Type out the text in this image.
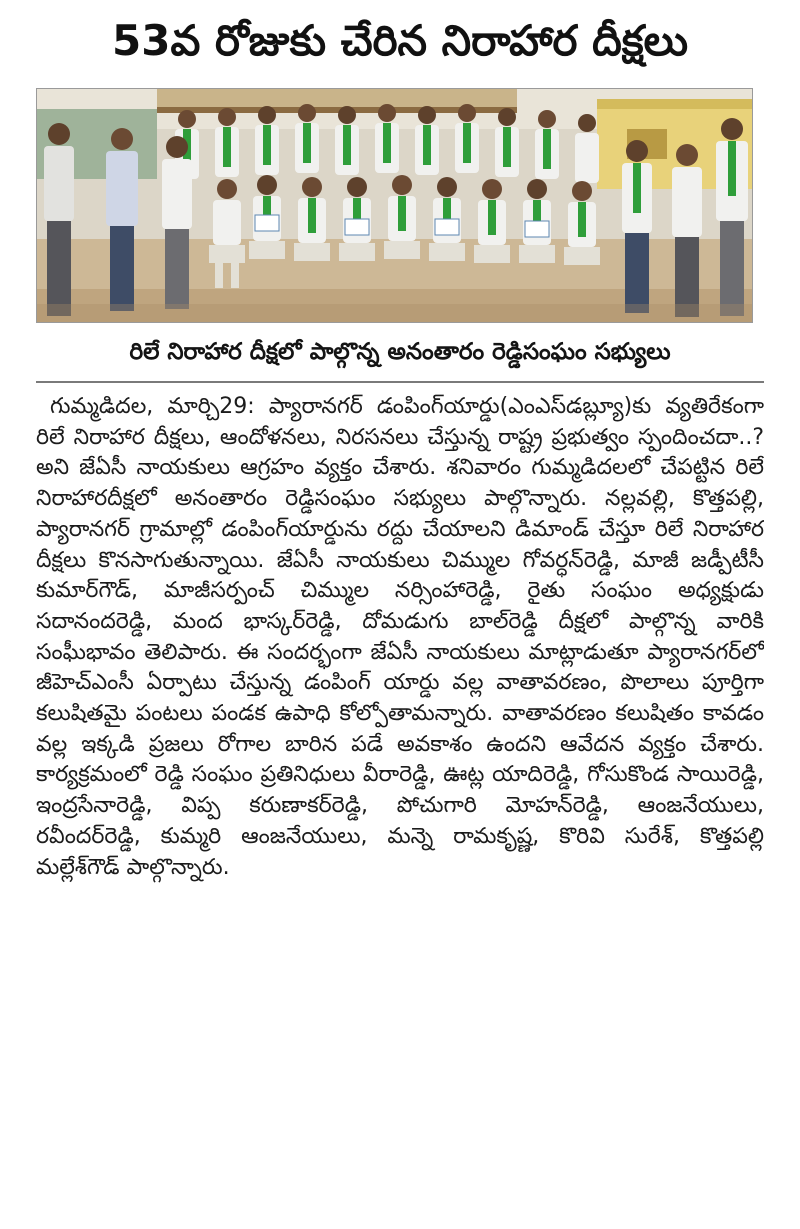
53వ రోజుకు చేరిన నిరాహార దీక్షలు

రిలే నిరాహార దీక్షలో పాల్గొన్న అనంతారం రెడ్డిసంఘం సభ్యులు

గుమ్మడిదల, మార్చి29: ప్యారానగర్ డంపింగ్‌యార్డు(ఎంఎస్‌డబ్ల్యూ)కు వ్యతిరేకంగా రిలే నిరాహార దీక్షలు, ఆందోళనలు, నిరసనలు చేస్తున్న రాష్ట్ర ప్రభుత్వం స్పందించదా..? అని జేఏసీ నాయకులు ఆగ్రహం వ్యక్తం చేశారు. శనివారం గుమ్మడిదలలో చేపట్టిన రిలే నిరాహారదీక్షలో అనంతారం రెడ్డిసంఘం సభ్యులు పాల్గొన్నారు. నల్లవల్లి, కొత్తపల్లి, ప్యారానగర్ గ్రామాల్లో డంపింగ్‌యార్డును రద్దు చేయాలని డిమాండ్ చేస్తూ రిలే నిరాహార దీక్షలు కొనసాగుతున్నాయి. జేఏసీ నాయకులు చిమ్ముల గోవర్ధన్‌రెడ్డి, మాజీ జడ్పీటీసీ కుమార్‌గౌడ్, మాజీసర్పంచ్ చిమ్ముల నర్సింహారెడ్డి, రైతు సంఘం అధ్యక్షుడు సదానందరెడ్డి, మంద భాస్కర్‌రెడ్డి, దోమడుగు బాల్‌రెడ్డి దీక్షలో పాల్గొన్న వారికి సంఘీభావం తెలిపారు. ఈ సందర్భంగా జేఏసీ నాయకులు మాట్లాడుతూ ప్యారానగర్‌లో జీహెచ్‌ఎంసీ ఏర్పాటు చేస్తున్న డంపింగ్ యార్డు వల్ల వాతావరణం, పొలాలు పూర్తిగా కలుషితమై పంటలు పండక ఉపాధి కోల్పోతామన్నారు. వాతావరణం కలుషితం కావడం వల్ల ఇక్కడి ప్రజలు రోగాల బారిన పడే అవకాశం ఉందని ఆవేదన వ్యక్తం చేశారు. కార్యక్రమంలో రెడ్డి సంఘం ప్రతినిధులు వీరారెడ్డి, ఊట్ల యాదిరెడ్డి, గోసుకొండ సాయిరెడ్డి, ఇంద్రసేనారెడ్డి, విప్ప కరుణాకర్‌రెడ్డి, పోచుగారి మోహన్‌రెడ్డి, ఆంజనేయులు, రవీందర్‌రెడ్డి, కుమ్మరి ఆంజనేయులు, మన్నె రామకృష్ణ, కొరివి సురేశ్, కొత్తపల్లి మల్లేశ్‌గౌడ్ పాల్గొన్నారు.
